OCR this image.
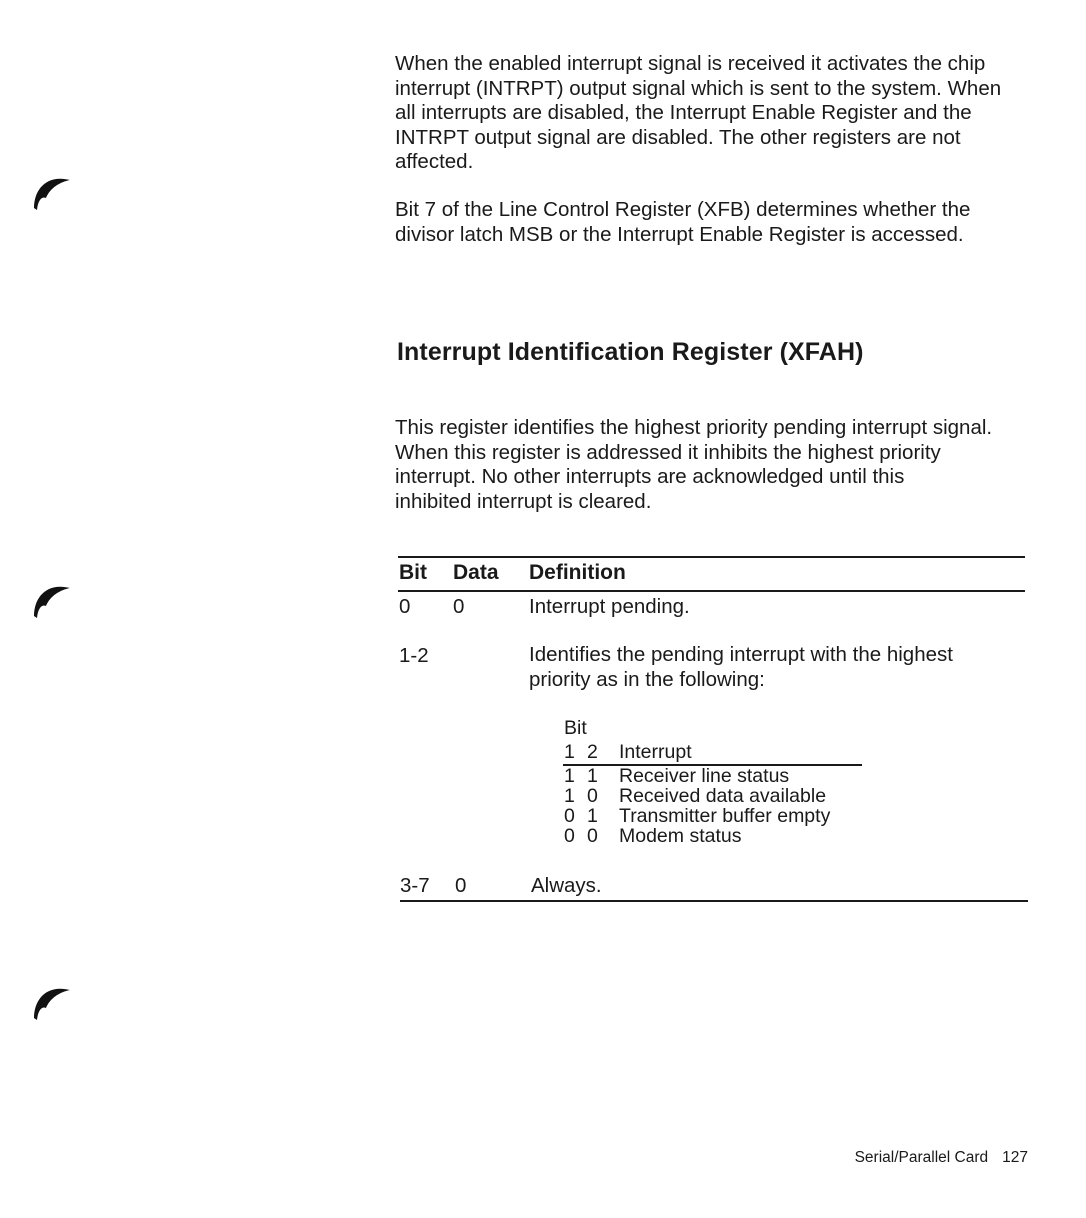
When the enabled interrupt signal is received it activates the chip
interrupt (INTRPT) output signal which is sent to the system. When
all interrupts are disabled, the Interrupt Enable Register and the
INTRPT output signal are disabled. The other registers are not
affected.

Bit 7 of the Line Control Register (XFB) determines whether the
divisor latch MSB or the Interrupt Enable Register is accessed.

Interrupt Identification Register (XFAH)

This register identifies the highest priority pending interrupt signal.
When this register is addressed it inhibits the highest priority
interrupt. No other interrupts are acknowledged until this
inhibited interrupt is cleared.

Bit Data Definition
0 0	Interrupt pending.
1-2	Identifies the pending interrupt with the highest
priority as in the following:
Bit
1 2 Interrupt
1 1 Receiver line status
1 0 Received data available
0 1 Transmitter buffer empty
0 0 Modem status
3-7 0	Always.
Serial/Parallel Card 127
